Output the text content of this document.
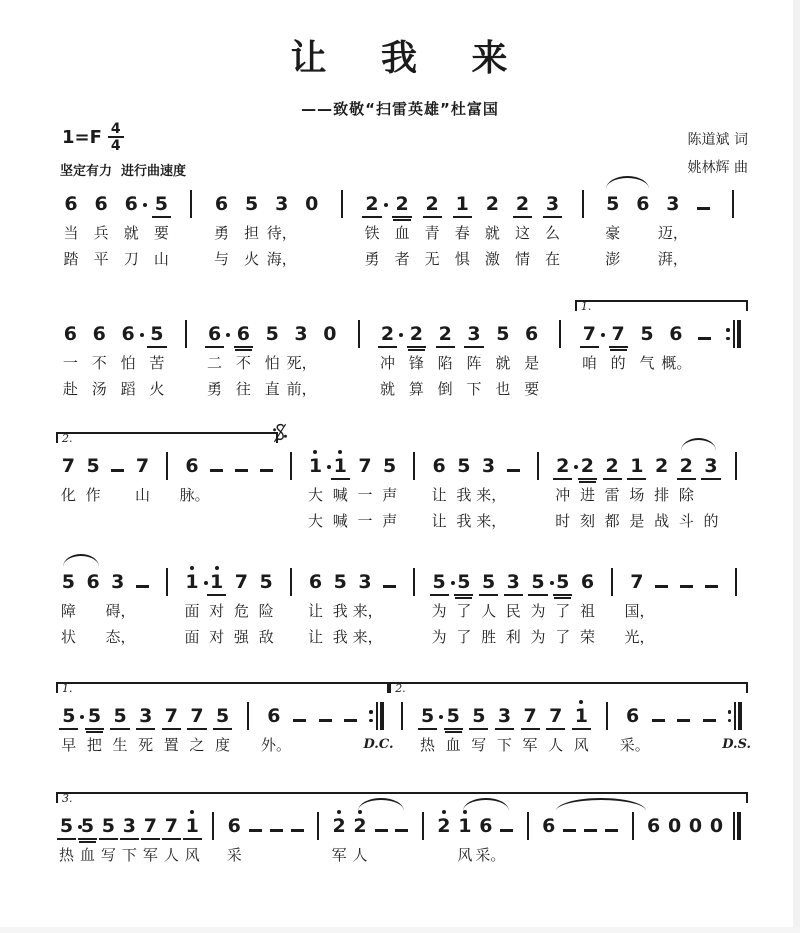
让 我 来
——致敬“扫雷英雄”杜富国
$1=F \frac{4}{4}$
坚定有力  进行曲速度
陈道斌 词
姚林辉 曲
6 6 6 5 6 5 3 0 2 2 2 1 2 2 3 5 6 3
当	兵	就	要	勇	担 待，	铁	血	青	春	就	这	么	豪	迈，
踏	平	刀	山	与	火 海，	勇	者	无	惧	激	情	在	澎	湃，
6 6 6 5 6 6 5 3 0 2 2 2 3 5 6
1.
7 7 5 6
一 不 怕 苦	二 不 怕 死，	冲 锋 陷 阵 就 是	咱 的 气 概。
赴 汤 蹈 火	勇 往 直 前，	就 算 倒 下 也 要
2.
7 5 7 6	1 1 7 5 6 5 3	2 2 2 1 2 2 3
化 作	山	脉。	大 喊 一 声	让 我 来，	冲 进 雷 场 排 除
大 喊 一 声	让 我 来，	时 刻 都 是 战 斗 的
5 6 3	1 1 7 5 6 5 3	5 5 5 3 5 5 6 7
障	碍，	面 对 危 险	让 我 来，	为 了 人 民 为 了 祖	国，
状	态，	面 对 强 敌	让 我 来，	为 了 胜 利 为 了 荣	光，
1.
5 5 5 3 7 7 5 6
2.
5 5 5 3 7 7 1 6
早 把 生 死 置 之 度	外。	D.C.	热 血 写 下 军 人 风	采。	D.S.
3.
5 5 5 3 7 7 1 6	2 2	2 1 6	6	6 0 0 0
热 血 写 下 军 人 风 采	军 人	风 采。
